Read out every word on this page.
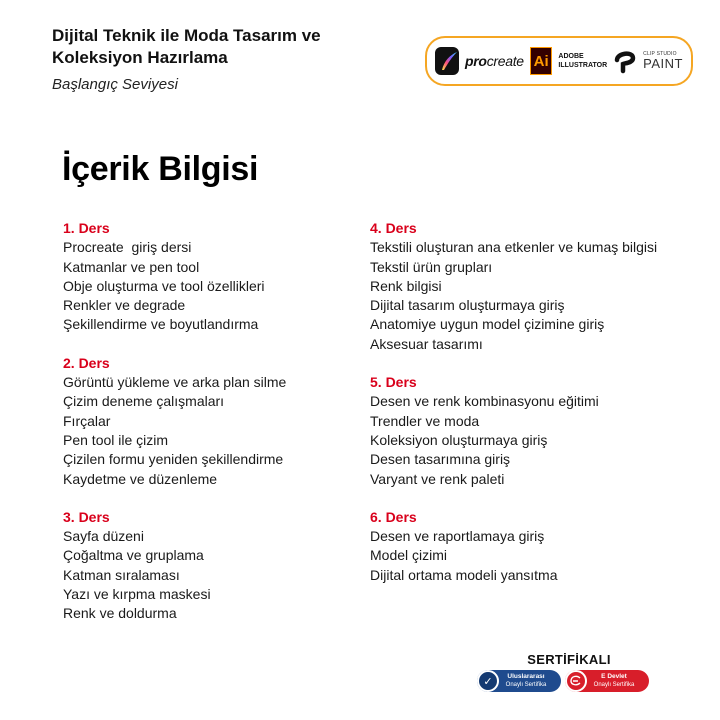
Dijital Teknik ile Moda Tasarım ve Koleksiyon Hazırlama
Başlangıç Seviyesi
procreate Ai	ADOBE
ILLUSTRATOR
CLIP STUDIO
PAINT
İçerik Bilgisi
1. Ders
Procreate  giriş dersi
Katmanlar ve pen tool
Obje oluşturma ve tool özellikleri
Renkler ve degrade
Şekillendirme ve boyutlandırma
2. Ders
Görüntü yükleme ve arka plan silme
Çizim deneme çalışmaları
Fırçalar
Pen tool ile çizim
Çizilen formu yeniden şekillendirme
Kaydetme ve düzenleme
3. Ders
Sayfa düzeni
Çoğaltma ve gruplama
Katman sıralaması
Yazı ve kırpma maskesi
Renk ve doldurma
4. Ders
Tekstili oluşturan ana etkenler ve kumaş bilgisi
Tekstil ürün grupları
Renk bilgisi
Dijital tasarım oluşturmaya giriş
Anatomiye uygun model çizimine giriş
Aksesuar tasarımı
5. Ders
Desen ve renk kombinasyonu eğitimi
Trendler ve moda
Koleksiyon oluşturmaya giriş
Desen tasarımına giriş
Varyant ve renk paleti
6. Ders
Desen ve raportlamaya giriş
Model çizimi
Dijital ortama modeli yansıtma
SERTİFİKALI
✓	Uluslararası
Onaylı Sertifika
E Devlet
Onaylı Sertifika
